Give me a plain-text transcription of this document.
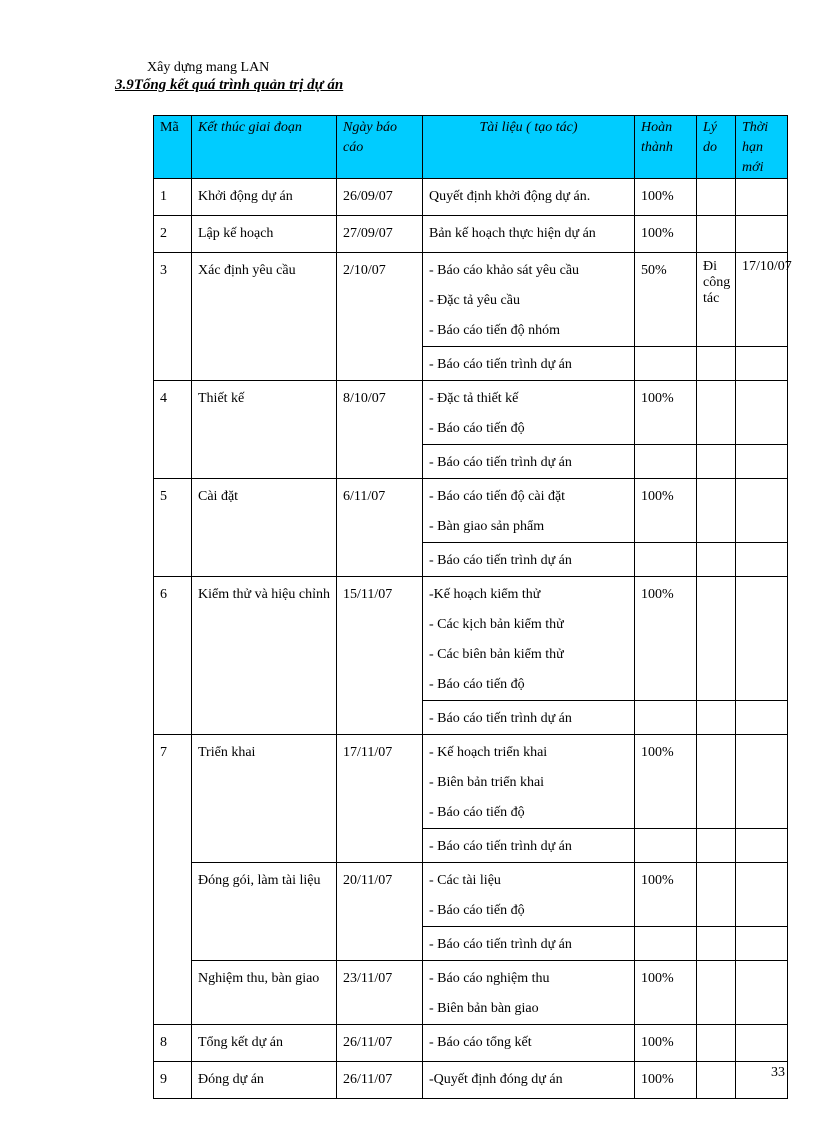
Xây dựng mang LAN
3.9Tổng kết quá trình quản trị dự án
Mã	Kết thúc giai đoạn	Ngày báo cáo	Tài liệu ( tạo tác)	Hoàn thành	Lý do	Thời hạn mới
1	Khởi động dự án	26/09/07	Quyết định khởi động dự án.	100%		
2	Lập kế hoạch	27/09/07	Bản kế hoạch thực hiện dự án	100%		
3	Xác định yêu cầu	2/10/07	- Báo cáo khảo sát yêu cầu
- Đặc tả yêu cầu
- Báo cáo tiến độ nhóm	50%	Đi công tác	17/10/07
			- Báo cáo tiến trình dự án			
4	Thiết kế	8/10/07	- Đặc tả thiết kế
- Báo cáo tiến độ	100%		
			- Báo cáo tiến trình dự án			
5	Cài đặt	6/11/07	- Báo cáo tiến độ cài đặt
- Bàn giao sản phẩm	100%		
			- Báo cáo tiến trình dự án			
6	Kiểm thử và hiệu chỉnh	15/11/07	-Kế hoạch kiểm thử
- Các kịch bản kiểm thử
- Các biên bản kiểm thử
- Báo cáo tiến độ	100%		
			- Báo cáo tiến trình dự án			
7	Triển khai	17/11/07	- Kế hoạch triển khai
- Biên bản triển khai
- Báo cáo tiến độ	100%		
			- Báo cáo tiến trình dự án			
	Đóng gói, làm tài liệu	20/11/07	- Các tài liệu
- Báo cáo tiến độ	100%		
			- Báo cáo tiến trình dự án			
	Nghiệm thu, bàn giao	23/11/07	- Báo cáo nghiệm thu
- Biên bản bàn giao	100%		
8	Tổng kết dự án	26/11/07	- Báo cáo tổng kết	100%		
9	Đóng dự án	26/11/07	-Quyết định đóng dự án	100%			33
